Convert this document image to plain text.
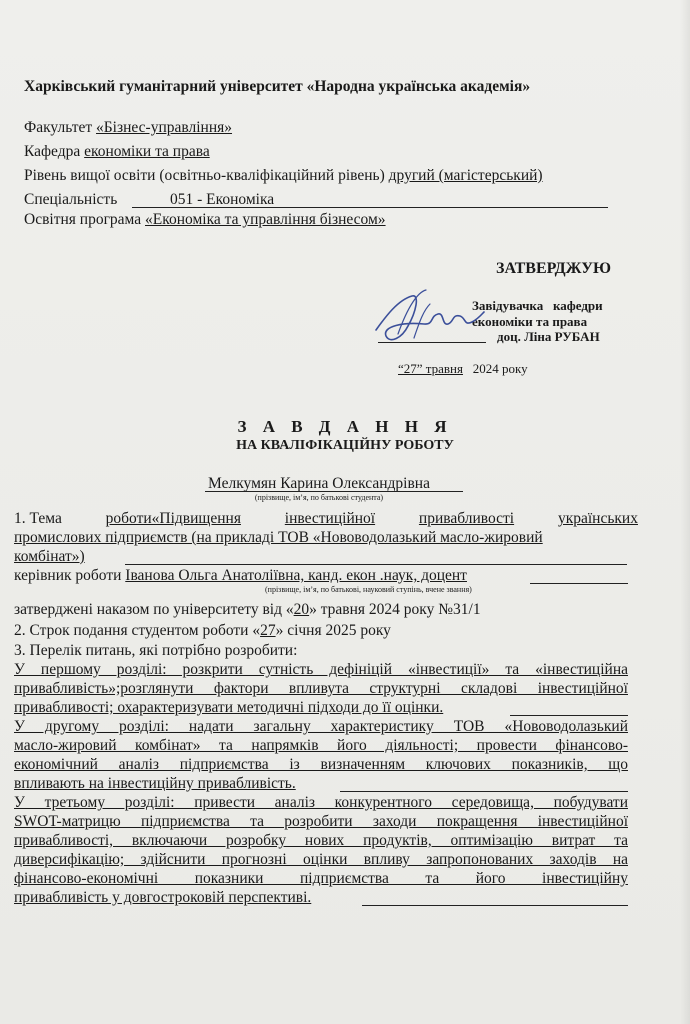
Харківський гуманітарний університет «Народна українська академія»
Факультет «Бізнес-управління»
Кафедра економіки та права
Рівень вищої освіти (освітньо-кваліфікаційний рівень) другий (магістерський)
Спеціальність	051 - Економіка
Освітня програма «Економіка та управління бізнесом»
ЗАТВЕРДЖУЮ
Завідувачка   кафедри
економіки та права
доц. Ліна РУБАН
“27” травня 2024 року
З А В Д А Н Н Я
НА КВАЛІФІКАЦІЙНУ РОБОТУ
Мелкумян Карина Олександрівна
(прізвище, ім’я, по батькові студента)
1. Тема	роботи«Підвищення	інвестиційної	привабливості	українських
промислових підприємств (на прикладі ТОВ «Нововодолазький масло-жировий
комбінат»)
керівник роботи Іванова Ольга Анатоліївна, канд. екон .наук, доцент
(прізвище, ім’я, по батькові, науковий ступінь, вчене звання)
затверджені наказом по університету від «20» травня 2024 року №31/1
2. Строк подання студентом роботи «27» січня 2025 року
3. Перелік питань, які потрібно розробити:
У першому розділі: розкрити сутність дефініцій «інвестиції» та «інвестиційна
привабливість»;розглянути фактори впливута структурні складові інвестиційної
привабливості; охарактеризувати методичні підходи до її оцінки.
У другому розділі: надати загальну характеристику ТОВ «Нововодолазький
масло-жировий комбінат» та напрямків його діяльності; провести фінансово-
економічний аналіз підприємства із визначенням ключових показників, що
впливають на інвестиційну привабливість.
У третьому розділі: привести аналіз конкурентного середовища, побудувати
SWOT-матрицю підприємства та розробити заходи покращення інвестиційної
привабливості, включаючи розробку нових продуктів, оптимізацію витрат та
диверсифікацію; здійснити прогнозні оцінки впливу запропонованих заходів на
фінансово-економічні показники підприємства та його інвестиційну
привабливість у довгостроковій перспективі.
